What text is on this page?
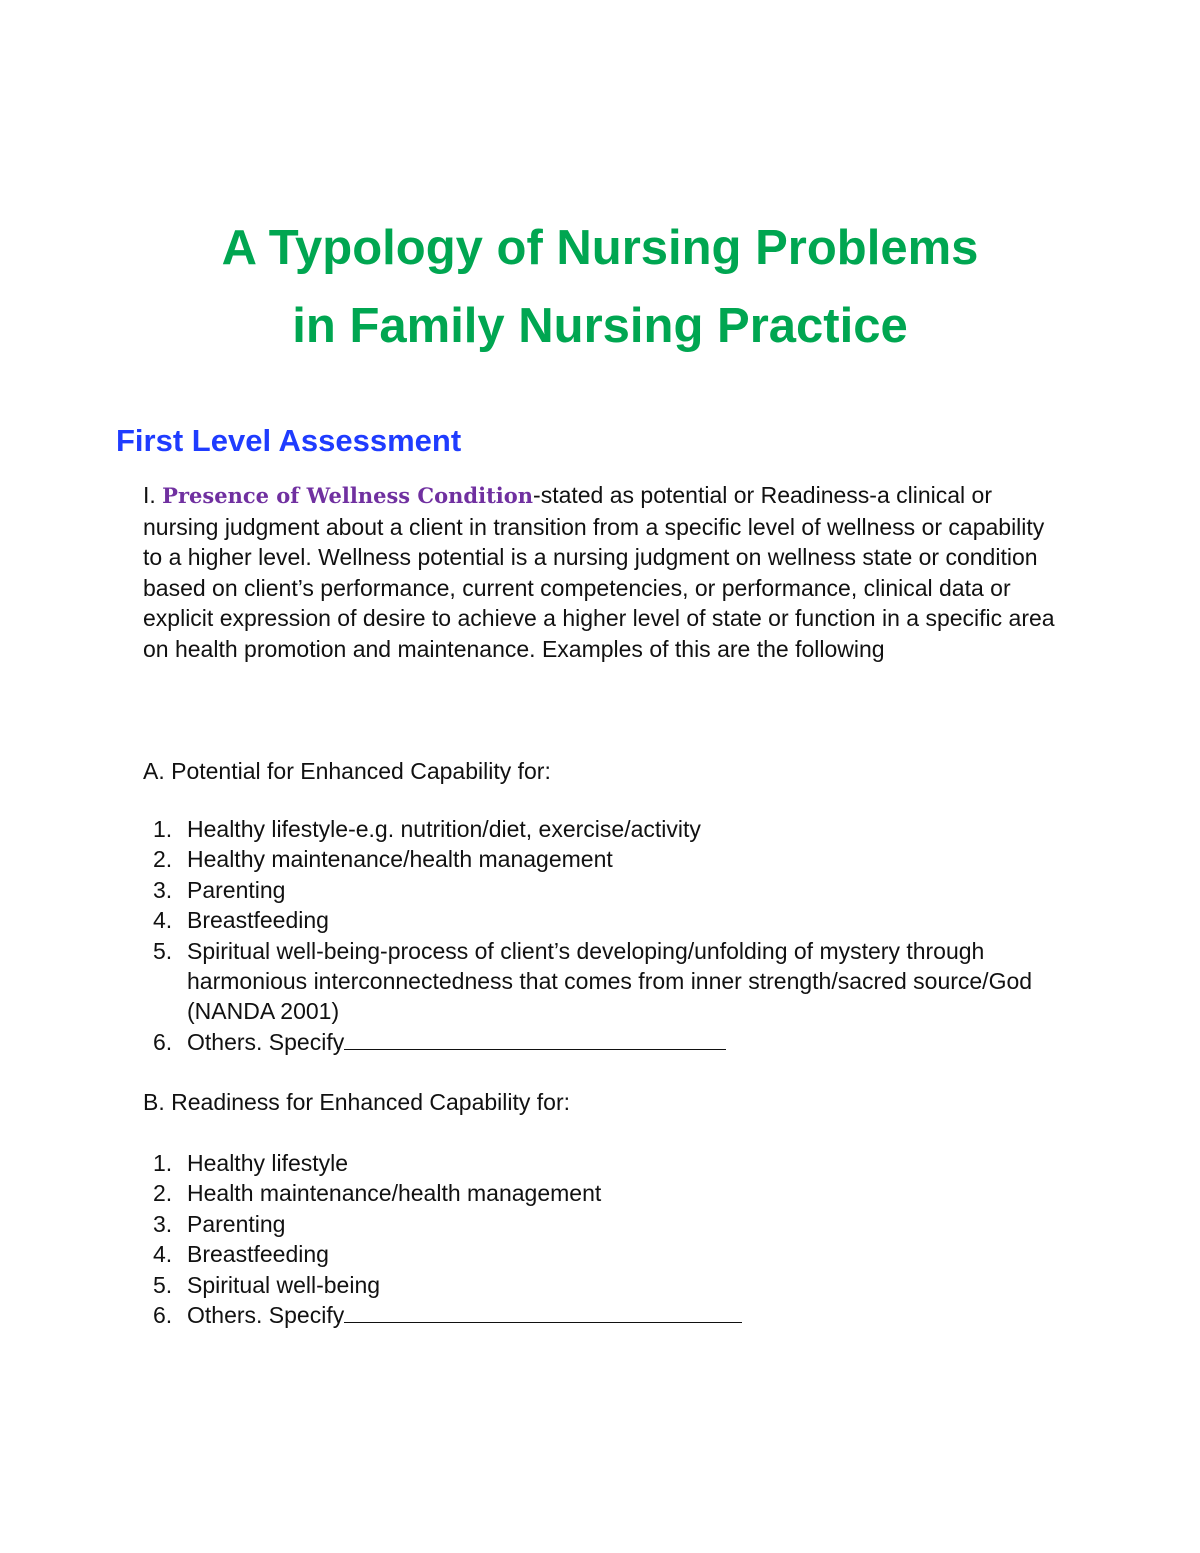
A Typology of Nursing Problems
in Family Nursing Practice
First Level Assessment

I. Presence of Wellness Condition-stated as potential or Readiness-a clinical or nursing judgment about a client in transition from a specific level of wellness or capability to a higher level. Wellness potential is a nursing judgment on wellness state or condition based on client’s performance, current competencies, or performance, clinical data or explicit expression of desire to achieve a higher level of state or function in a specific area on health promotion and maintenance. Examples of this are the following

A. Potential for Enhanced Capability for:

1. Healthy lifestyle-e.g. nutrition/diet, exercise/activity
2. Healthy maintenance/health management
3. Parenting
4. Breastfeeding
5. Spiritual well-being-process of client’s developing/unfolding of mystery through harmonious interconnectedness that comes from inner strength/sacred source/God (NANDA 2001)
6. Others. Specify

B. Readiness for Enhanced Capability for:

1. Healthy lifestyle
2. Health maintenance/health management
3. Parenting
4. Breastfeeding
5. Spiritual well-being
6. Others. Specify
